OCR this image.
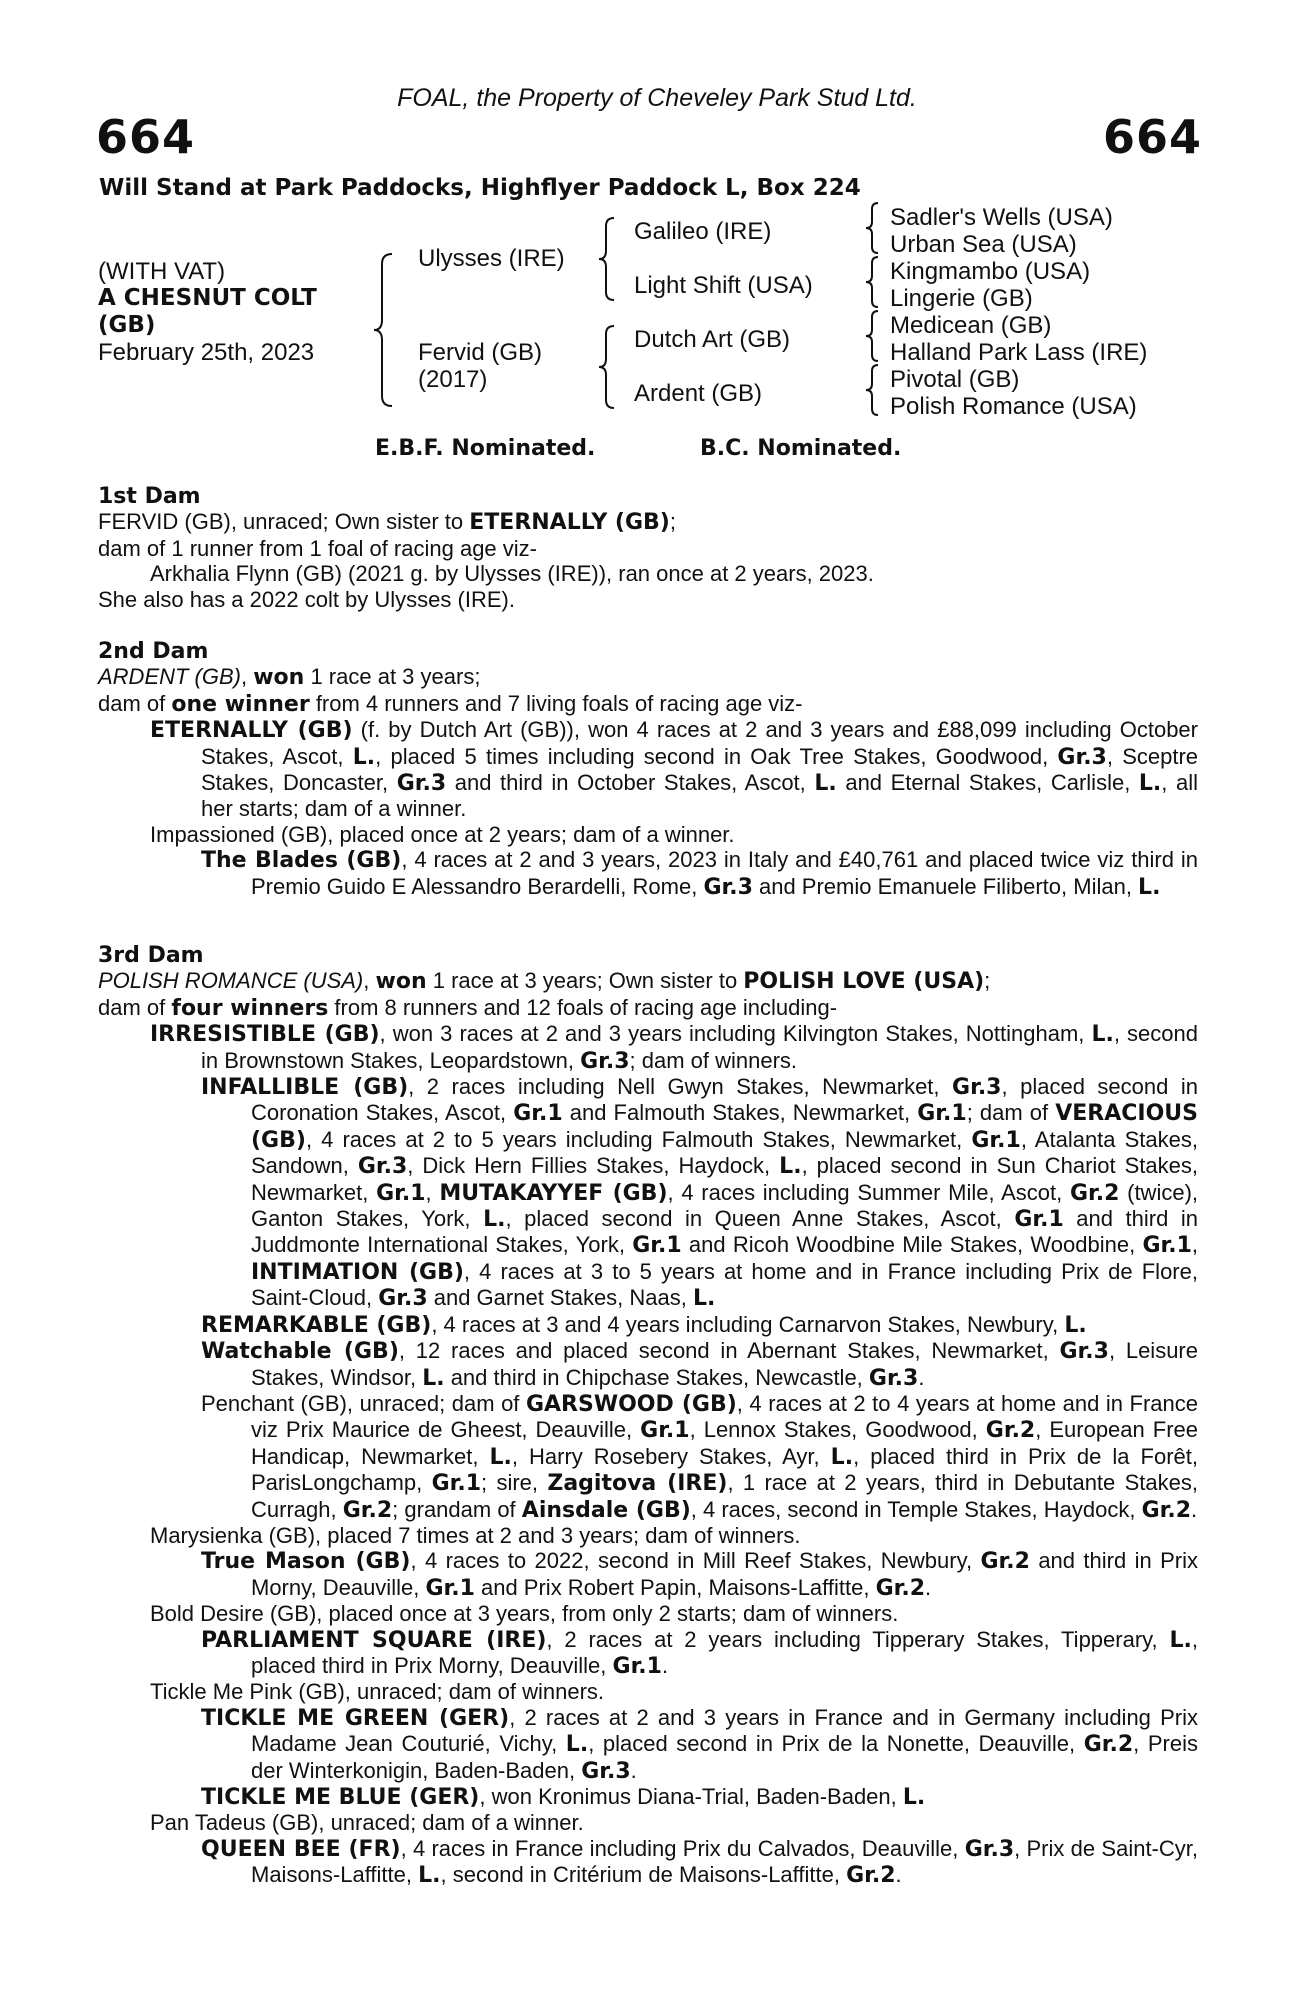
FOAL, the Property of Cheveley Park Stud Ltd.
664	664
Will Stand at Park Paddocks, Highflyer Paddock L, Box 224
(WITH VAT)
A CHESNUT COLT
(GB)
February 25th, 2023
Ulysses (IRE)
Fervid (GB)
(2017)
Galileo (IRE)
Light Shift (USA)
Dutch Art (GB)
Ardent (GB)
Sadler's Wells (USA)
Urban Sea (USA)
Kingmambo (USA)
Lingerie (GB)
Medicean (GB)
Halland Park Lass (IRE)
Pivotal (GB)
Polish Romance (USA)
E.B.F. Nominated.	B.C. Nominated.
1st Dam
FERVID (GB), unraced; Own sister to ETERNALLY (GB);
dam of 1 runner from 1 foal of racing age viz-
Arkhalia Flynn (GB) (2021 g. by Ulysses (IRE)), ran once at 2 years, 2023.
She also has a 2022 colt by Ulysses (IRE).
2nd Dam
ARDENT (GB), won 1 race at 3 years;
dam of one winner from 4 runners and 7 living foals of racing age viz-
ETERNALLY (GB) (f. by Dutch Art (GB)), won 4 races at 2 and 3 years and £88,099 including October Stakes, Ascot, L., placed 5 times including second in Oak Tree Stakes, Goodwood, Gr.3, Sceptre Stakes, Doncaster, Gr.3 and third in October Stakes, Ascot, L. and Eternal Stakes, Carlisle, L., all her starts; dam of a winner.
Impassioned (GB), placed once at 2 years; dam of a winner.
The Blades (GB), 4 races at 2 and 3 years, 2023 in Italy and £40,761 and placed twice viz third in Premio Guido E Alessandro Berardelli, Rome, Gr.3 and Premio Emanuele Filiberto, Milan, L.
3rd Dam
POLISH ROMANCE (USA), won 1 race at 3 years; Own sister to POLISH LOVE (USA);
dam of four winners from 8 runners and 12 foals of racing age including-
IRRESISTIBLE (GB), won 3 races at 2 and 3 years including Kilvington Stakes, Nottingham, L., second in Brownstown Stakes, Leopardstown, Gr.3; dam of winners.
INFALLIBLE (GB), 2 races including Nell Gwyn Stakes, Newmarket, Gr.3, placed second in Coronation Stakes, Ascot, Gr.1 and Falmouth Stakes, Newmarket, Gr.1; dam of VERACIOUS (GB), 4 races at 2 to 5 years including Falmouth Stakes, Newmarket, Gr.1, Atalanta Stakes, Sandown, Gr.3, Dick Hern Fillies Stakes, Haydock, L., placed second in Sun Chariot Stakes, Newmarket, Gr.1, MUTAKAYYEF (GB), 4 races including Summer Mile, Ascot, Gr.2 (twice), Ganton Stakes, York, L., placed second in Queen Anne Stakes, Ascot, Gr.1 and third in Juddmonte International Stakes, York, Gr.1 and Ricoh Woodbine Mile Stakes, Woodbine, Gr.1, INTIMATION (GB), 4 races at 3 to 5 years at home and in France including Prix de Flore, Saint-Cloud, Gr.3 and Garnet Stakes, Naas, L.
REMARKABLE (GB), 4 races at 3 and 4 years including Carnarvon Stakes, Newbury, L.
Watchable (GB), 12 races and placed second in Abernant Stakes, Newmarket, Gr.3, Leisure Stakes, Windsor, L. and third in Chipchase Stakes, Newcastle, Gr.3.
Penchant (GB), unraced; dam of GARSWOOD (GB), 4 races at 2 to 4 years at home and in France viz Prix Maurice de Gheest, Deauville, Gr.1, Lennox Stakes, Goodwood, Gr.2, European Free Handicap, Newmarket, L., Harry Rosebery Stakes, Ayr, L., placed third in Prix de la Forêt, ParisLongchamp, Gr.1; sire, Zagitova (IRE), 1 race at 2 years, third in Debutante Stakes, Curragh, Gr.2; grandam of Ainsdale (GB), 4 races, second in Temple Stakes, Haydock, Gr.2.
Marysienka (GB), placed 7 times at 2 and 3 years; dam of winners.
True Mason (GB), 4 races to 2022, second in Mill Reef Stakes, Newbury, Gr.2 and third in Prix Morny, Deauville, Gr.1 and Prix Robert Papin, Maisons-Laffitte, Gr.2.
Bold Desire (GB), placed once at 3 years, from only 2 starts; dam of winners.
PARLIAMENT SQUARE (IRE), 2 races at 2 years including Tipperary Stakes, Tipperary, L., placed third in Prix Morny, Deauville, Gr.1.
Tickle Me Pink (GB), unraced; dam of winners.
TICKLE ME GREEN (GER), 2 races at 2 and 3 years in France and in Germany including Prix Madame Jean Couturié, Vichy, L., placed second in Prix de la Nonette, Deauville, Gr.2, Preis der Winterkonigin, Baden-Baden, Gr.3.
TICKLE ME BLUE (GER), won Kronimus Diana-Trial, Baden-Baden, L.
Pan Tadeus (GB), unraced; dam of a winner.
QUEEN BEE (FR), 4 races in France including Prix du Calvados, Deauville, Gr.3, Prix de Saint-Cyr, Maisons-Laffitte, L., second in Critérium de Maisons-Laffitte, Gr.2.
